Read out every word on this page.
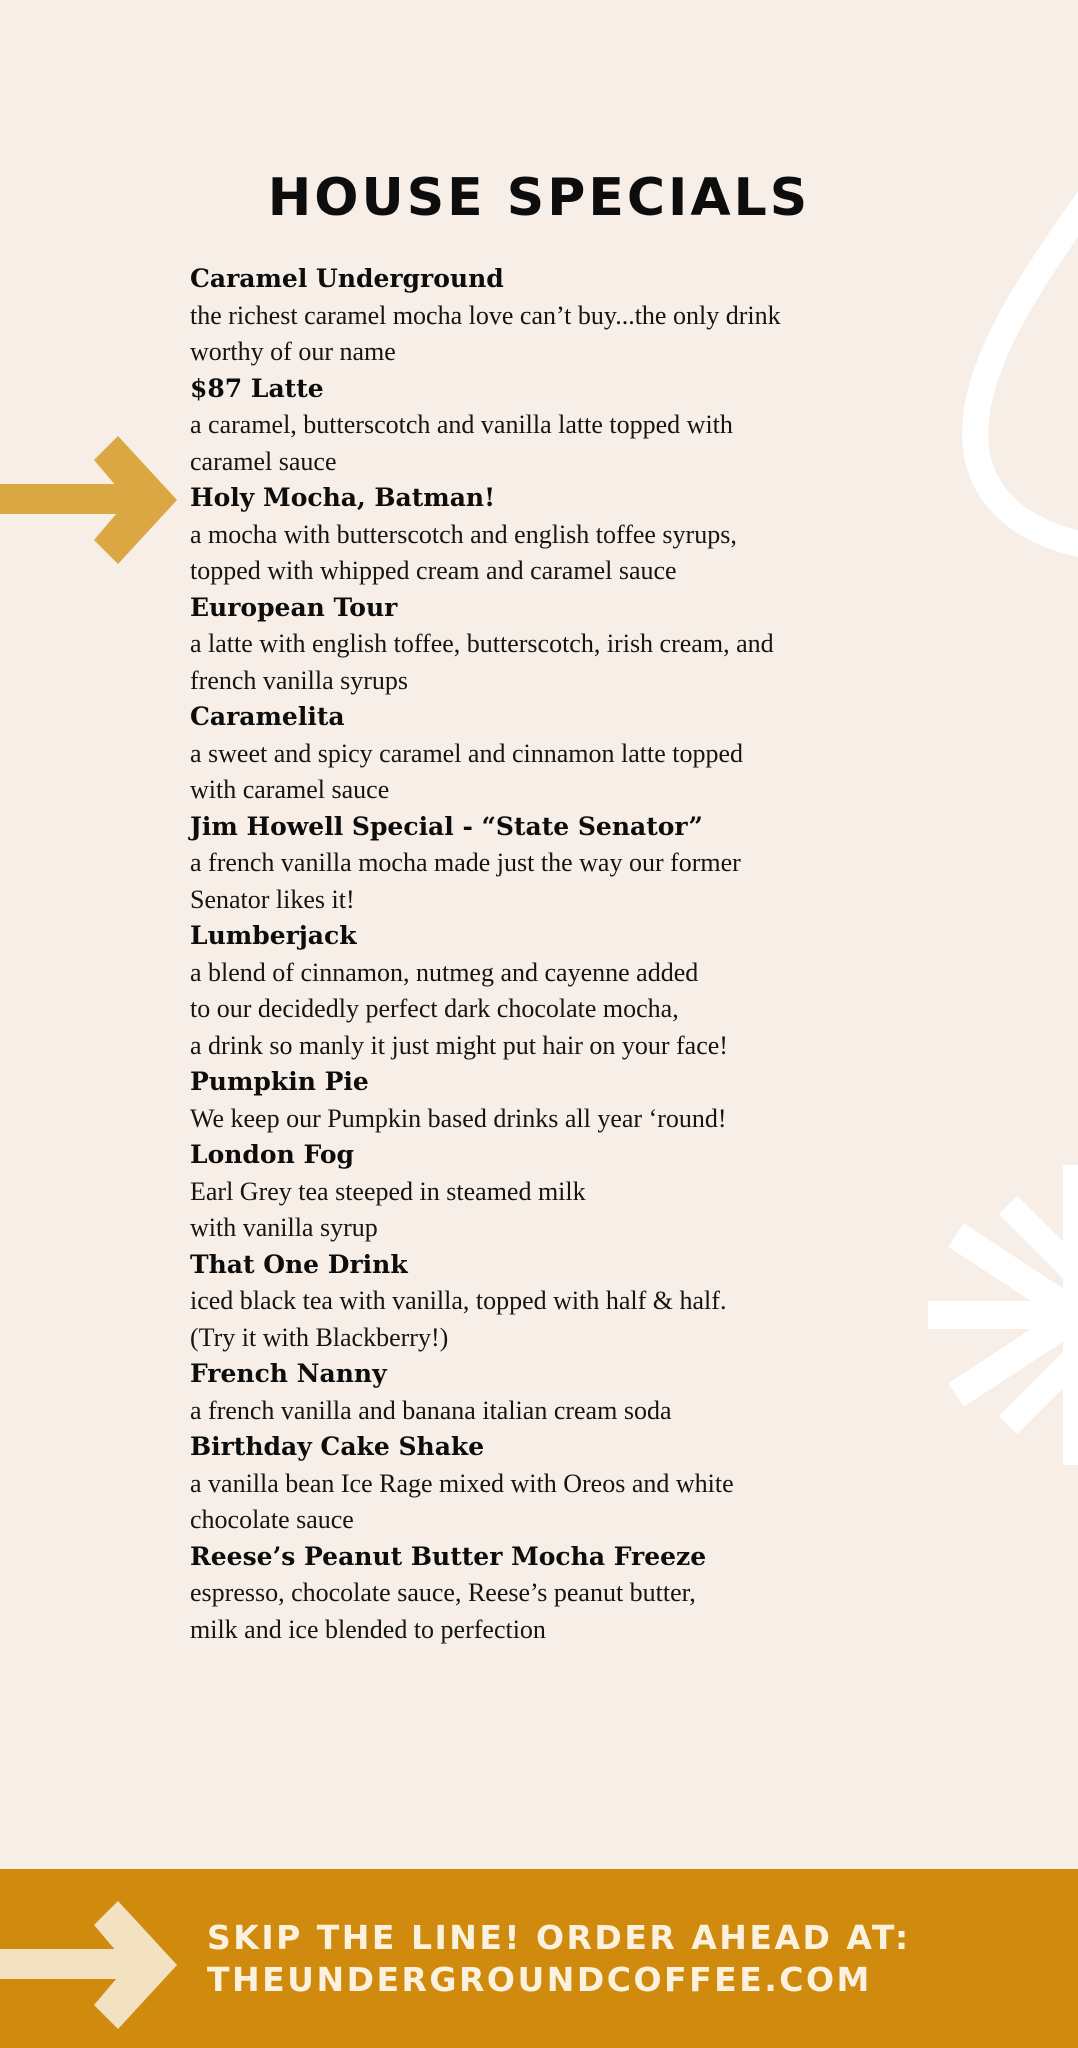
HOUSE SPECIALS
Caramel Underground
the richest caramel mocha love can’t buy...the only drink
worthy of our name
$87 Latte
a caramel, butterscotch and vanilla latte topped with
caramel sauce
Holy Mocha, Batman!
a mocha with butterscotch and english toffee syrups,
topped with whipped cream and caramel sauce
European Tour
a latte with english toffee, butterscotch, irish cream, and
french vanilla syrups
Caramelita
a sweet and spicy caramel and cinnamon latte topped
with caramel sauce
Jim Howell Special - “State Senator”
a french vanilla mocha made just the way our former
Senator likes it!
Lumberjack
a blend of cinnamon, nutmeg and cayenne added
to our decidedly perfect dark chocolate mocha,
a drink so manly it just might put hair on your face!
Pumpkin Pie
We keep our Pumpkin based drinks all year ‘round!
London Fog
Earl Grey tea steeped in steamed milk
with vanilla syrup
That One Drink
iced black tea with vanilla, topped with half & half.
(Try it with Blackberry!)
French Nanny
a french vanilla and banana italian cream soda
Birthday Cake Shake
a vanilla bean Ice Rage mixed with Oreos and white
chocolate sauce
Reese’s Peanut Butter Mocha Freeze
espresso, chocolate sauce, Reese’s peanut butter,
milk and ice blended to perfection
SKIP THE LINE! ORDER AHEAD AT:
THEUNDERGROUNDCOFFEE.COM
